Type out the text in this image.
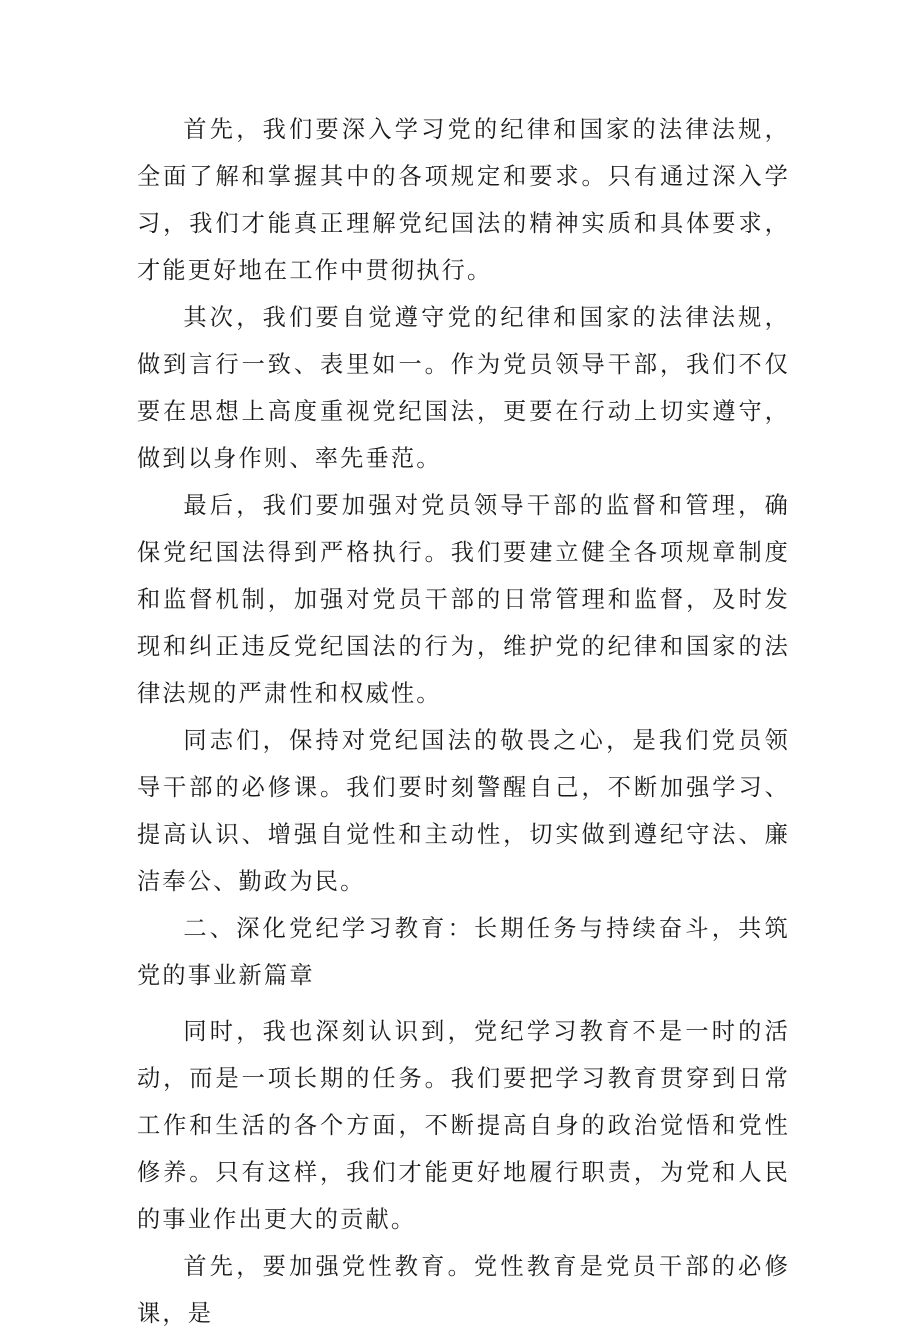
首先，我们要深入学习党的纪律和国家的法律法规，全面了解和掌握其中的各项规定和要求。只有通过深入学习，我们才能真正理解党纪国法的精神实质和具体要求，才能更好地在工作中贯彻执行。

其次，我们要自觉遵守党的纪律和国家的法律法规，做到言行一致、表里如一。作为党员领导干部，我们不仅要在思想上高度重视党纪国法，更要在行动上切实遵守，做到以身作则、率先垂范。

最后，我们要加强对党员领导干部的监督和管理，确保党纪国法得到严格执行。我们要建立健全各项规章制度和监督机制，加强对党员干部的日常管理和监督，及时发现和纠正违反党纪国法的行为，维护党的纪律和国家的法律法规的严肃性和权威性。

同志们，保持对党纪国法的敬畏之心，是我们党员领导干部的必修课。我们要时刻警醒自己，不断加强学习、提高认识、增强自觉性和主动性，切实做到遵纪守法、廉洁奉公、勤政为民。

二、深化党纪学习教育：长期任务与持续奋斗，共筑党的事业新篇章

同时，我也深刻认识到，党纪学习教育不是一时的活动，而是一项长期的任务。我们要把学习教育贯穿到日常工作和生活的各个方面，不断提高自身的政治觉悟和党性修养。只有这样，我们才能更好地履行职责，为党和人民的事业作出更大的贡献。

首先，要加强党性教育。党性教育是党员干部的必修课，是
